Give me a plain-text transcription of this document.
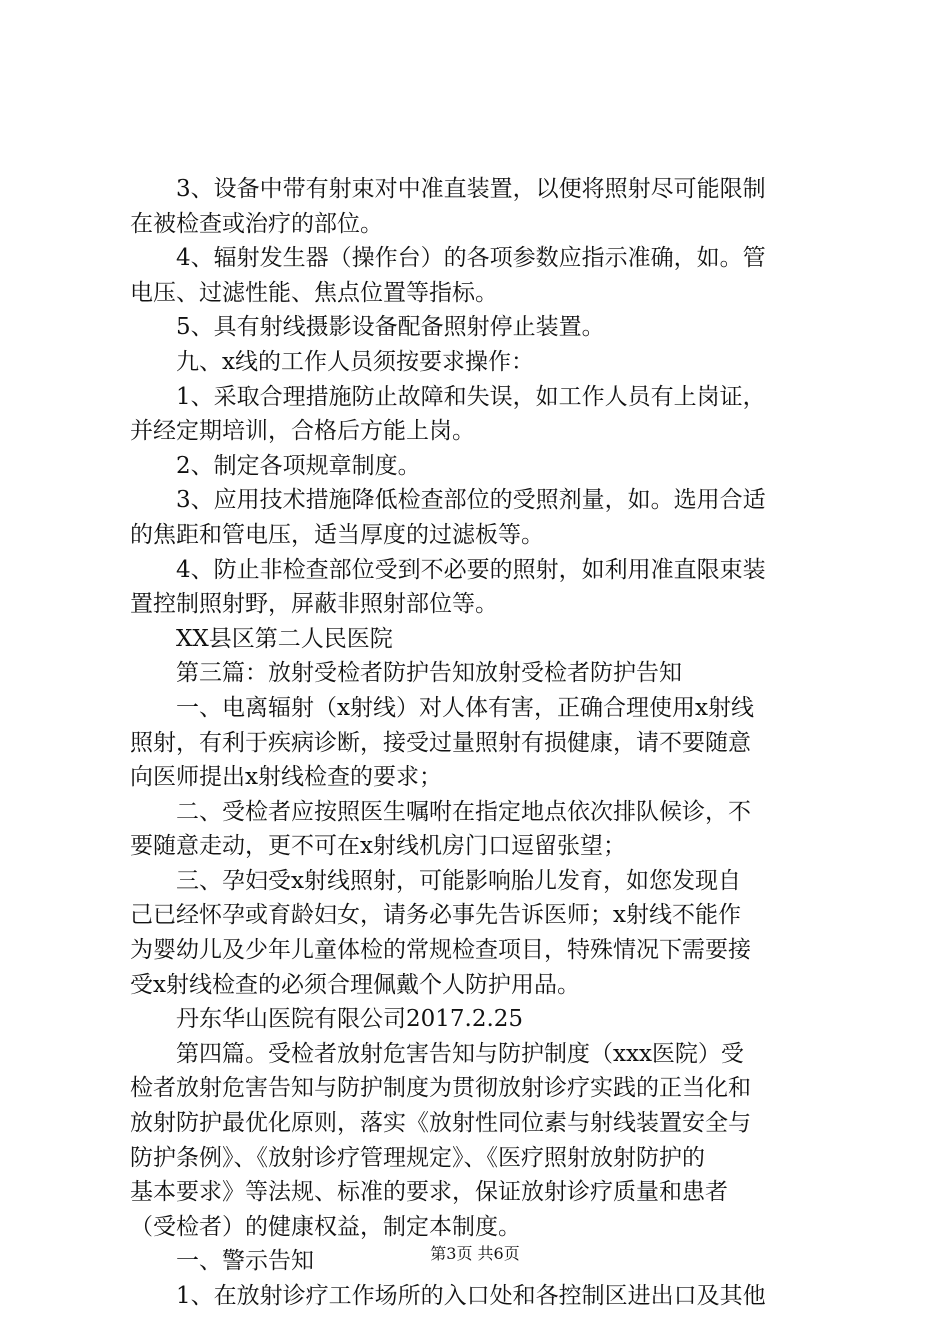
3、设备中带有射束对中准直装置，以便将照射尽可能限制
在被检查或治疗的部位。
4、辐射发生器（操作台）的各项参数应指示准确，如。管
电压、过滤性能、焦点位置等指标。
5、具有射线摄影设备配备照射停止装置。
九、x线的工作人员须按要求操作：
1、采取合理措施防止故障和失误，如工作人员有上岗证，
并经定期培训，合格后方能上岗。
2、制定各项规章制度。
3、应用技术措施降低检查部位的受照剂量，如。选用合适
的焦距和管电压，适当厚度的过滤板等。
4、防止非检查部位受到不必要的照射，如利用准直限束装
置控制照射野，屏蔽非照射部位等。
XX县区第二人民医院
第三篇：放射受检者防护告知放射受检者防护告知
一、电离辐射（x射线）对人体有害，正确合理使用x射线
照射，有利于疾病诊断，接受过量照射有损健康，请不要随意
向医师提出x射线检查的要求；
二、受检者应按照医生嘱咐在指定地点依次排队候诊，不
要随意走动，更不可在x射线机房门口逗留张望；
三、孕妇受x射线照射，可能影响胎儿发育，如您发现自
己已经怀孕或育龄妇女，请务必事先告诉医师；x射线不能作
为婴幼儿及少年儿童体检的常规检查项目，特殊情况下需要接
受x射线检查的必须合理佩戴个人防护用品。
丹东华山医院有限公司2017.2.25
第四篇。受检者放射危害告知与防护制度（xxx医院）受
检者放射危害告知与防护制度为贯彻放射诊疗实践的正当化和
放射防护最优化原则，落实《放射性同位素与射线装置安全与
防护条例》、《放射诊疗管理规定》、《医疗照射放射防护的
基本要求》等法规、标准的要求，保证放射诊疗质量和患者
（受检者）的健康权益，制定本制度。
一、警示告知
1、在放射诊疗工作场所的入口处和各控制区进出口及其他
第3页 共6页
